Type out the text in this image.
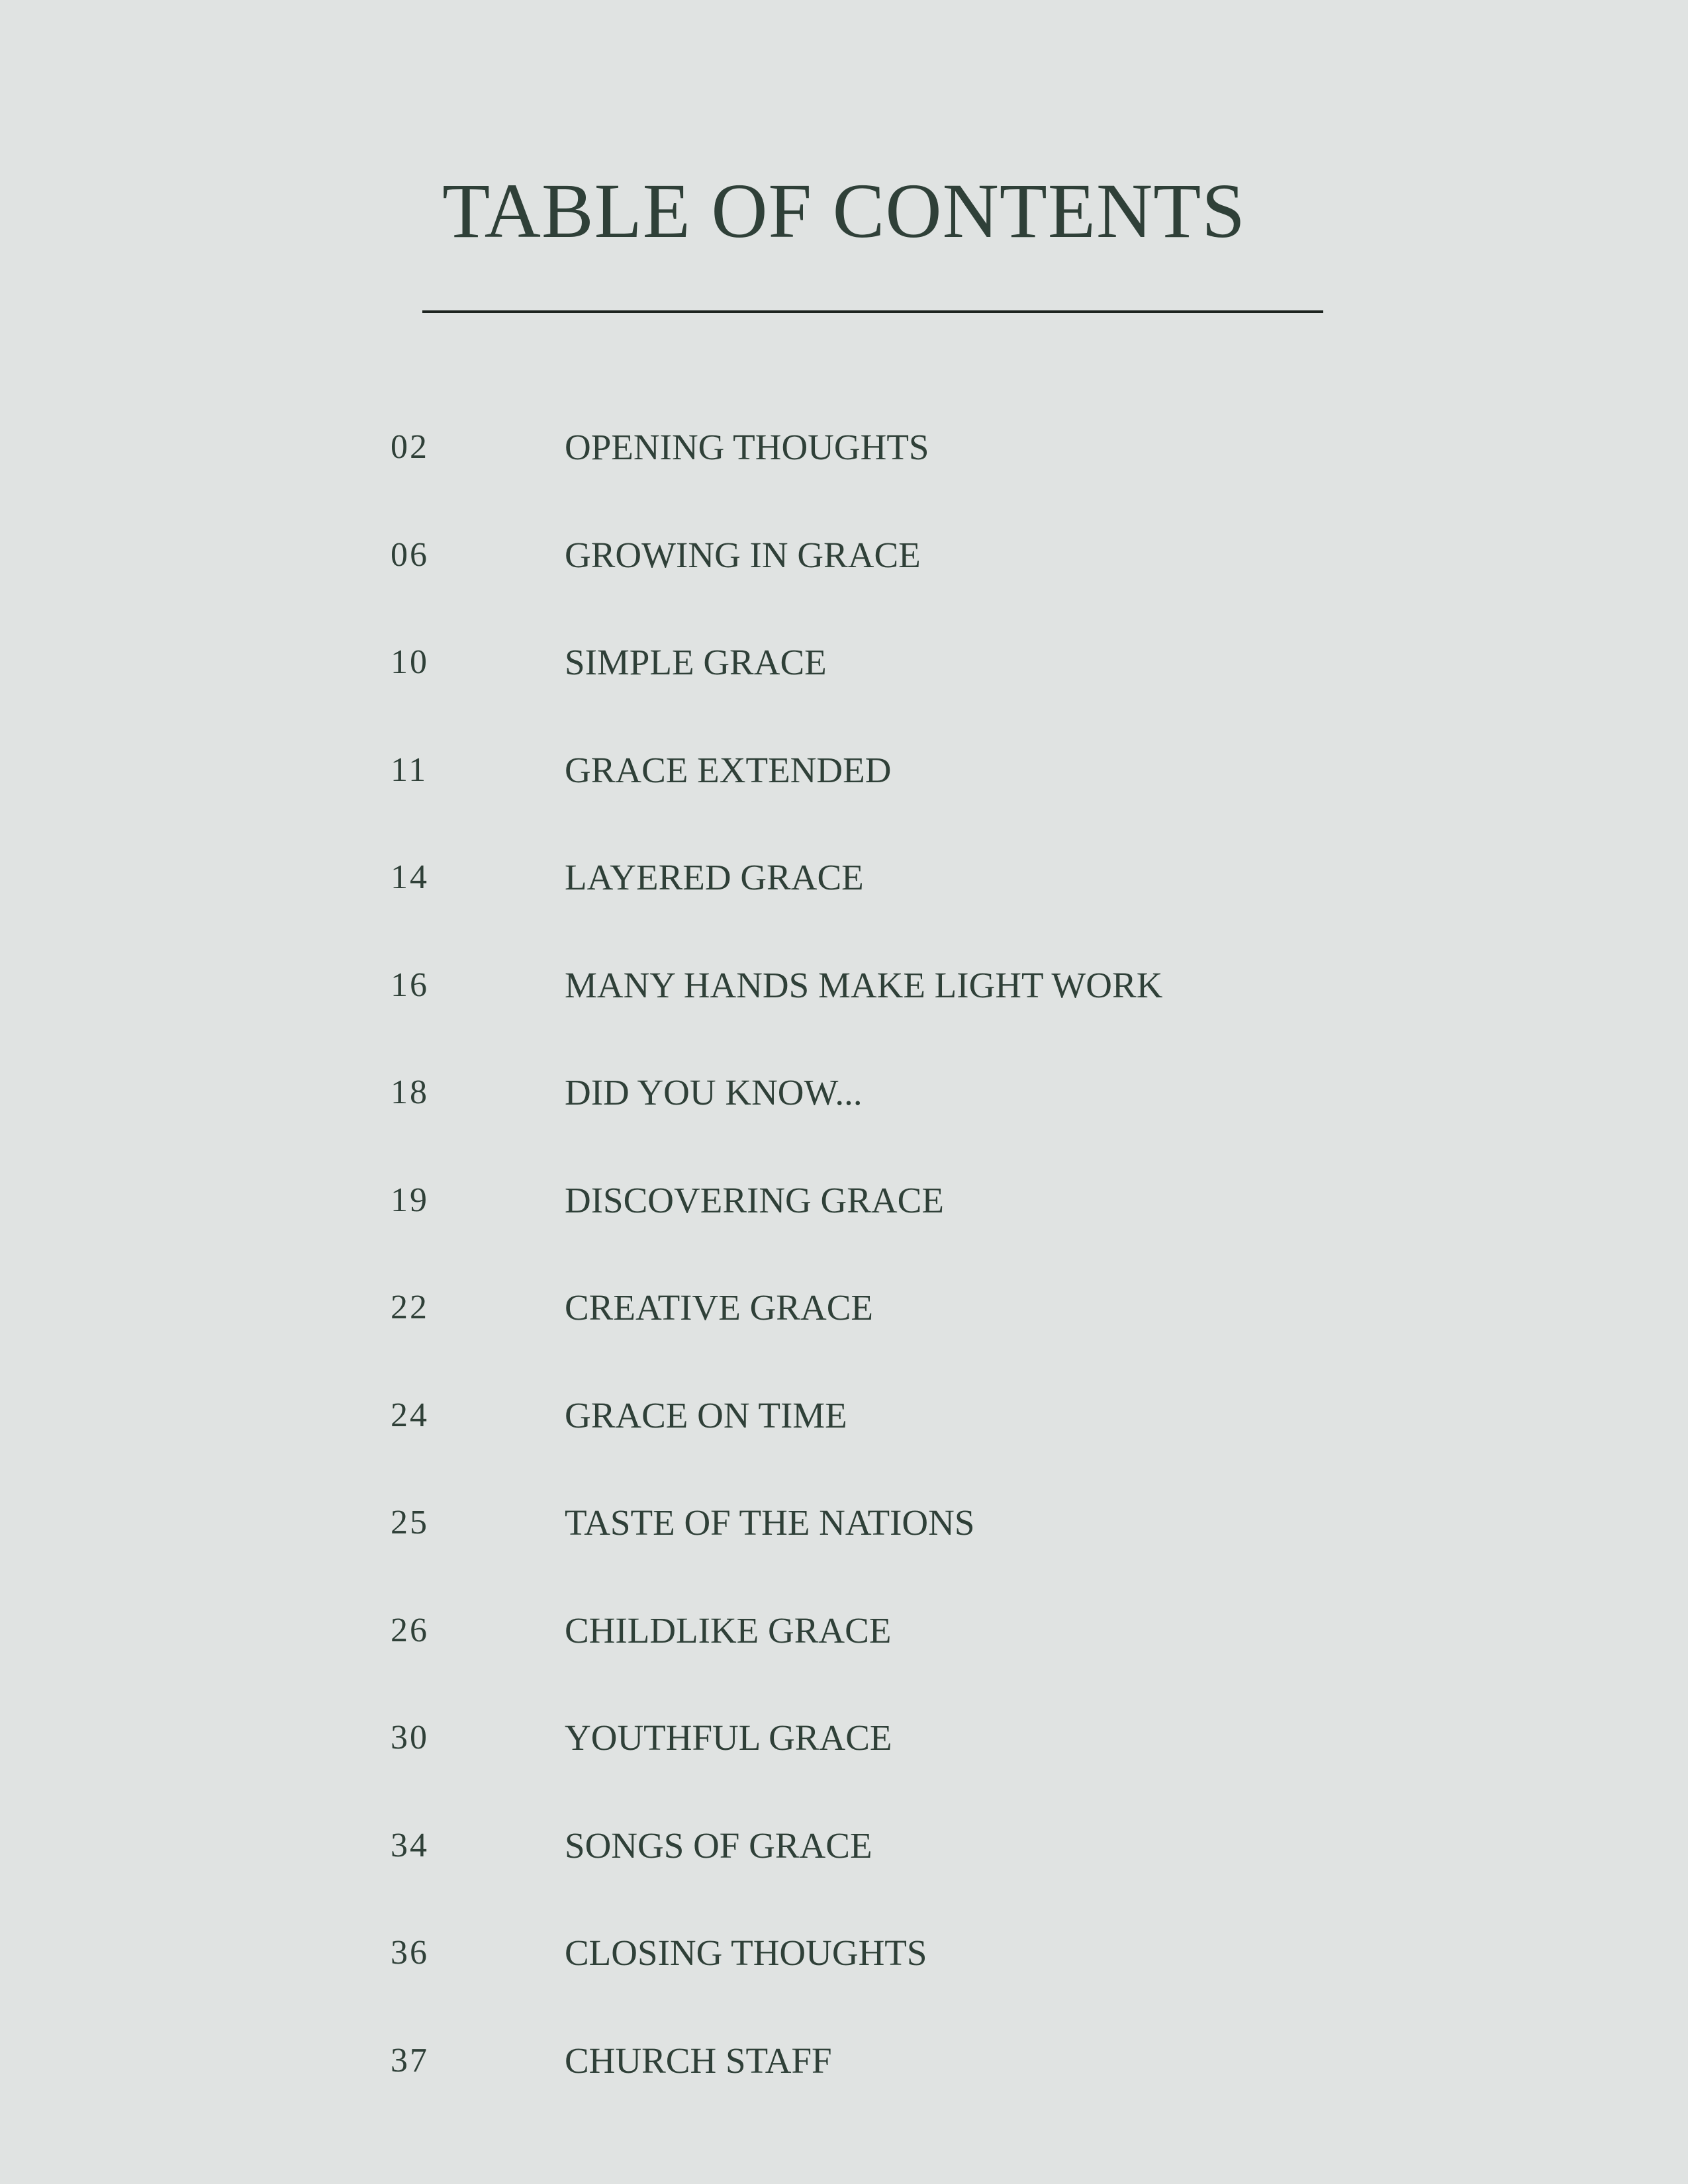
TABLE OF CONTENTS
02	OPENING THOUGHTS
06	GROWING IN GRACE
10	SIMPLE GRACE
11	GRACE EXTENDED
14	LAYERED GRACE
16	MANY HANDS MAKE LIGHT WORK
18	DID YOU KNOW...
19	DISCOVERING GRACE
22	CREATIVE GRACE
24	GRACE ON TIME
25	TASTE OF THE NATIONS
26	CHILDLIKE GRACE
30	YOUTHFUL GRACE
34	SONGS OF GRACE
36	CLOSING THOUGHTS
37	CHURCH STAFF
